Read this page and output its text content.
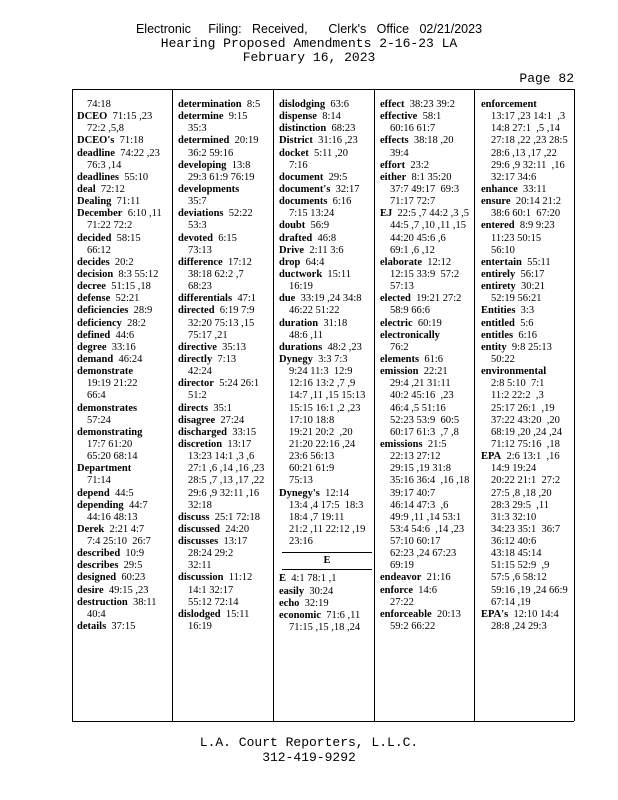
Electronic     Filing:   Received,      Clerk's   Office   02/21/2023
Hearing Proposed Amendments 2-16-23 LA
February 16, 2023
Page 82
74:18
DCEO 71:15 ,23
72:2 ,5,8
DCEO's 71:18
deadline 74:22 ,23
76:3 ,14
deadlines 55:10
deal 72:12
Dealing 71:11
December 6:10 ,11
71:22 72:2
decided 58:15
66:12
decides 20:2
decision 8:3 55:12
decree 51:15 ,18
defense 52:21
deficiencies 28:9
deficiency 28:2
defined 44:6
degree 33:16
demand 46:24
demonstrate
19:19 21:22
66:4
demonstrates
57:24
demonstrating
17:7 61:20
65:20 68:14
Department
71:14
depend 44:5
depending 44:7
44:16 48:13
Derek 2:21 4:7
7:4 25:10  26:7
described 10:9
describes 29:5
designed 60:23
desire 49:15 ,23
destruction 38:11
40:4
details 37:15
determination 8:5
determine 9:15
35:3
determined 20:19
36:2 59:16
developing 13:8
29:3 61:9 76:19
developments
35:7
deviations 52:22
53:3
devoted 6:15
73:13
difference 17:12
38:18 62:2 ,7
68:23
differentials 47:1
directed 6:19 7:9
32:20 75:13 ,15
75:17 ,21
directive 35:13
directly 7:13
42:24
director 5:24 26:1
51:2
directs 35:1
disagree 27:24
discharged 33:15
discretion 13:17
13:23 14:1 ,3 ,6
27:1 ,6 ,14 ,16 ,23
28:5 ,7 ,13 ,17 ,22
29:6 ,9 32:11 ,16
32:18
discuss 25:1 72:18
discussed 24:20
discusses 13:17
28:24 29:2
32:11
discussion 11:12
14:1 32:17
55:12 72:14
dislodged 15:11
16:19
dislodging 63:6
dispense 8:14
distinction 68:23
District 31:16 ,23
docket 5:11 ,20
7:16
document 29:5
document's 32:17
documents 6:16
7:15 13:24
doubt 56:9
drafted 46:8
Drive 2:11 3:6
drop 64:4
ductwork 15:11
16:19
due 33:19 ,24 34:8
46:22 51:22
duration 31:18
48:6 ,11
durations 48:2 ,23
Dynegy 3:3 7:3
9:24 11:3  12:9
12:16 13:2 ,7 ,9
14:7 ,11 ,15 15:13
15:15 16:1 ,2 ,23
17:10 18:8
19:21 20:2  ,20
21:20 22:16 ,24
23:6 56:13
60:21 61:9
75:13
Dynegy's 12:14
13:4 ,4 17:5  18:3
18:4 ,7 19:11
21:2 ,11 22:12 ,19
23:16
E
E 4:1 78:1 ,1
easily 30:24
echo 32:19
economic 71:6 ,11
71:15 ,15 ,18 ,24
effect 38:23 39:2
effective 58:1
60:16 61:7
effects 38:18 ,20
39:4
effort 23:2
either 8:1 35:20
37:7 49:17  69:3
71:17 72:7
EJ 22:5 ,7 44:2 ,3 ,5
44:5 ,7 ,10 ,11 ,15
44:20 45:6 ,6
69:1 ,6 ,12
elaborate 12:12
12:15 33:9  57:2
57:13
elected 19:21 27:2
58:9 66:6
electric 60:19
electronically
76:2
elements 61:6
emission 22:21
29:4 ,21 31:11
40:2 45:16  ,23
46:4 ,5 51:16
52:23 53:9  60:5
60:17 61:3  ,7 ,8
emissions 21:5
22:13 27:12
29:15 ,19 31:8
35:16 36:4  ,16 ,18
39:17 40:7
46:14 47:3  ,6
49:9 ,11 ,14 53:1
53:4 54:6  ,14 ,23
57:10 60:17
62:23 ,24 67:23
69:19
endeavor 21:16
enforce 14:6
27:22
enforceable 20:13
59:2 66:22
enforcement
13:17 ,23 14:1  ,3
14:8 27:1  ,5 ,14
27:18 ,22 ,23 28:5
28:6 ,13 ,17 ,22
29:6 ,9 32:11  ,16
32:17 34:6
enhance 33:11
ensure 20:14 21:2
38:6 60:1  67:20
entered 8:9 9:23
11:23 50:15
56:10
entertain 55:11
entirely 56:17
entirety 30:21
52:19 56:21
Entities 3:3
entitled 5:6
entitles 6:16
entity 9:8 25:13
50:22
environmental
2:8 5:10  7:1
11:2 22:2  ,3
25:17 26:1  ,19
37:22 43:20  ,20
68:19 ,20 ,24 ,24
71:12 75:16  ,18
EPA 2:6 13:1  ,16
14:9 19:24
20:22 21:1  27:2
27:5 ,8 ,18 ,20
28:3 29:5  ,11
31:3 32:10
34:23 35:1  36:7
36:12 40:6
43:18 45:14
51:15 52:9  ,9
57:5 ,6 58:12
59:16 ,19 ,24 66:9
67:14 ,19
EPA's 12:10 14:4
28:8 ,24 29:3
L.A. Court Reporters, L.L.C.
312-419-9292
